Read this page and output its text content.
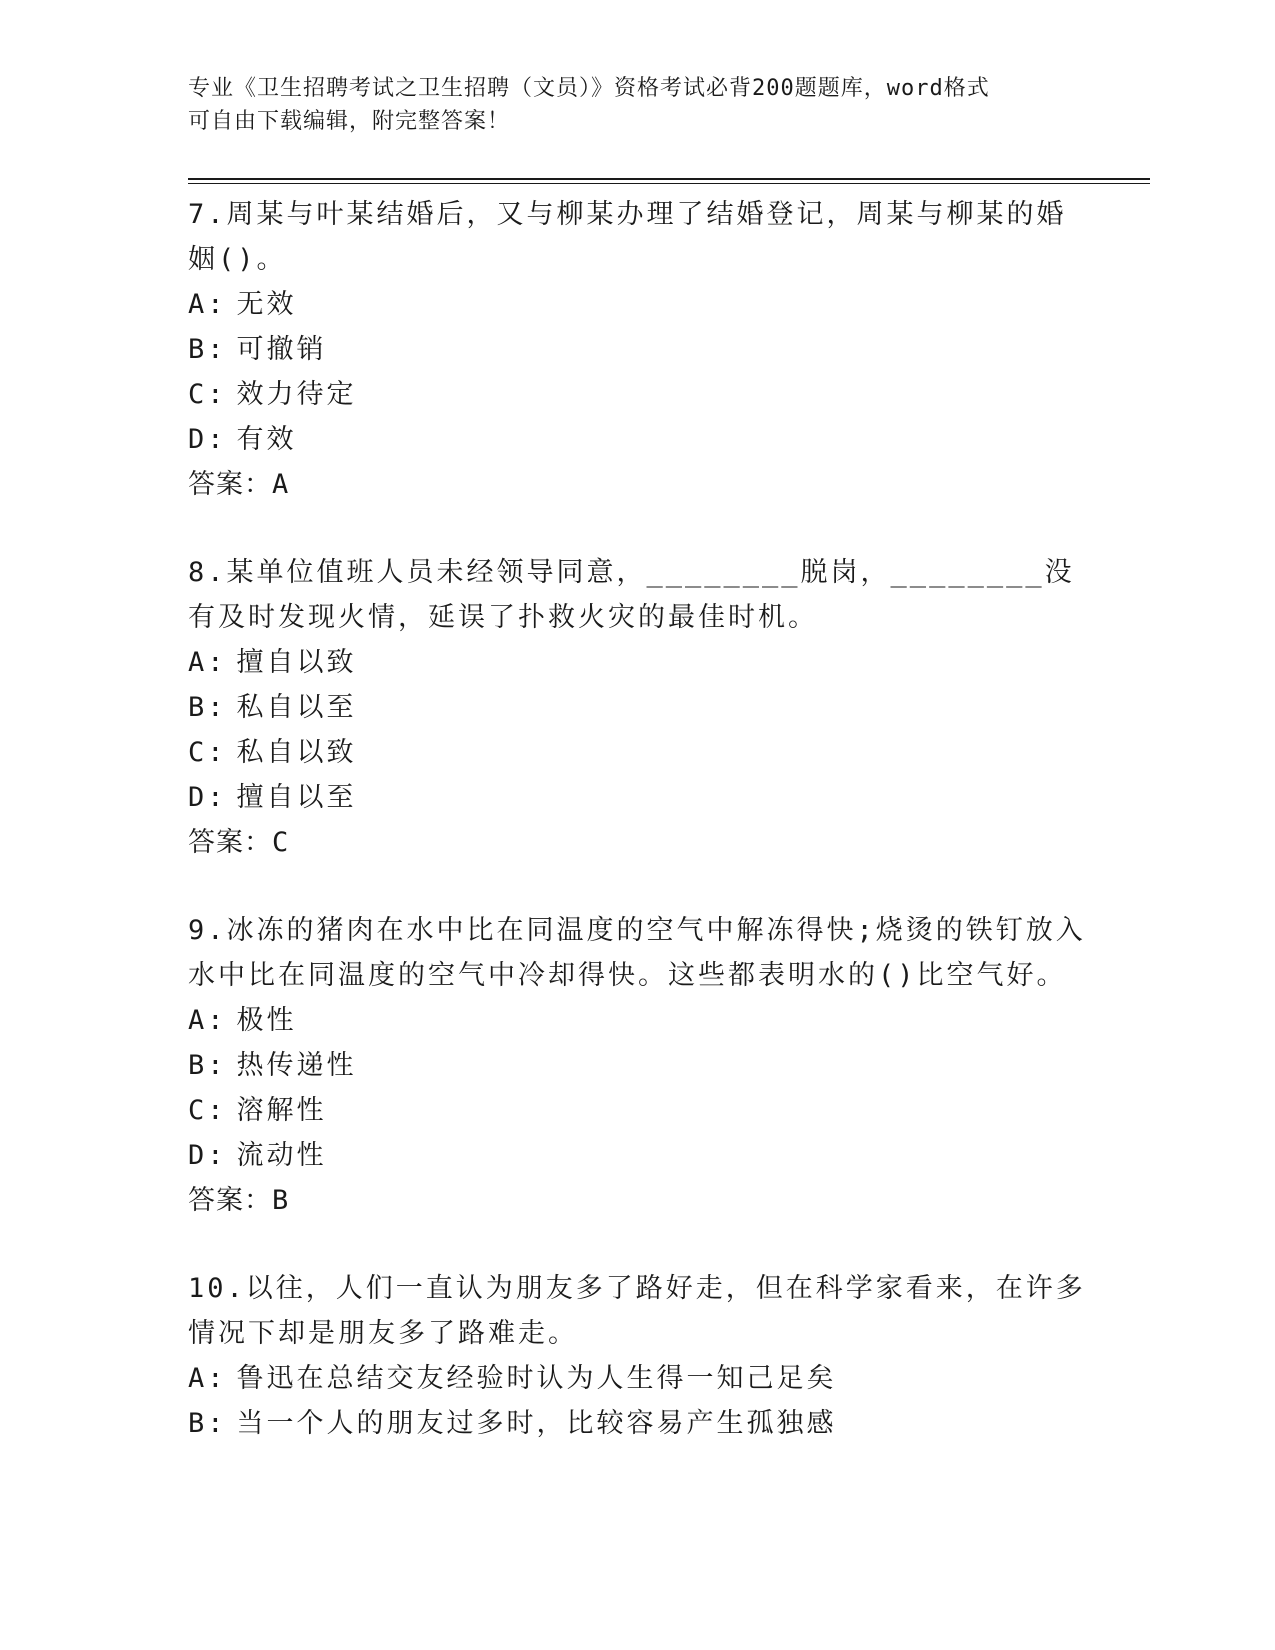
专业《卫生招聘考试之卫生招聘（文员）》资格考试必背200题题库，word格式
可自由下载编辑，附完整答案！
7.周某与叶某结婚后，又与柳某办理了结婚登记，周某与柳某的婚姻()。
A: 无效
B: 可撤销
C: 效力待定
D: 有效
答案：A
8.某单位值班人员未经领导同意，________脱岗，________没有及时发现火情，延误了扑救火灾的最佳时机。
A: 擅自以致
B: 私自以至
C: 私自以致
D: 擅自以至
答案：C
9.冰冻的猪肉在水中比在同温度的空气中解冻得快;烧烫的铁钉放入水中比在同温度的空气中冷却得快。这些都表明水的()比空气好。
A: 极性
B: 热传递性
C: 溶解性
D: 流动性
答案：B
10.以往，人们一直认为朋友多了路好走，但在科学家看来，在许多情况下却是朋友多了路难走。
A: 鲁迅在总结交友经验时认为人生得一知己足矣
B: 当一个人的朋友过多时，比较容易产生孤独感
